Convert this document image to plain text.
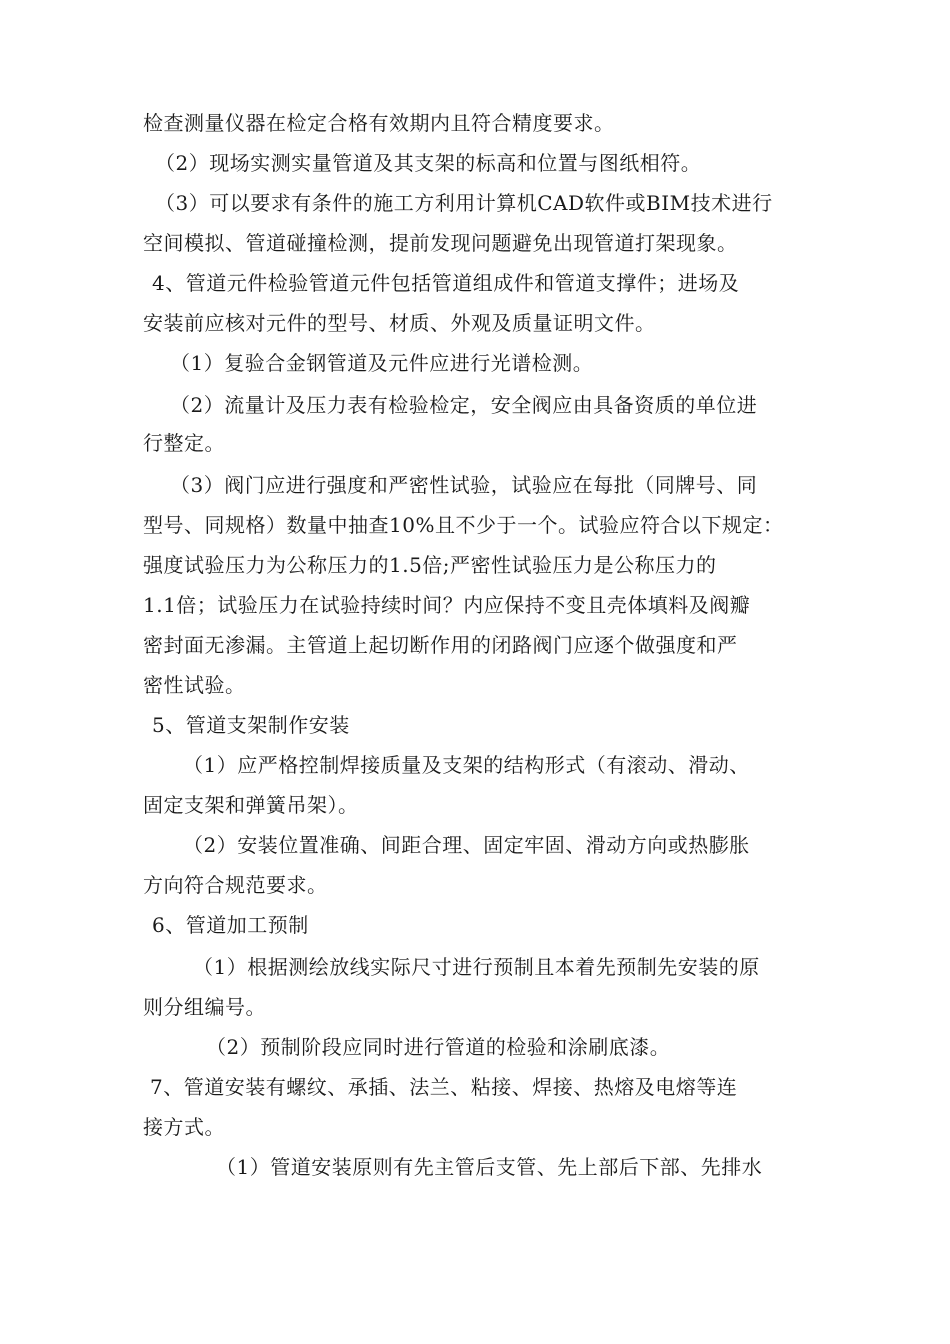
检查测量仪器在检定合格有效期内且符合精度要求。
（2）现场实测实量管道及其支架的标高和位置与图纸相符。
（3）可以要求有条件的施工方利用计算机CAD软件或BIM技术进行
空间模拟、管道碰撞检测，提前发现问题避免出现管道打架现象。
4、管道元件检验管道元件包括管道组成件和管道支撑件；进场及
安装前应核对元件的型号、材质、外观及质量证明文件。
（1）复验合金钢管道及元件应进行光谱检测。
（2）流量计及压力表有检验检定，安全阀应由具备资质的单位进
行整定。
（3）阀门应进行强度和严密性试验，试验应在每批（同牌号、同
型号、同规格）数量中抽查10%且不少于一个。试验应符合以下规定：
强度试验压力为公称压力的1.5倍;严密性试验压力是公称压力的
1.1倍；试验压力在试验持续时间？内应保持不变且壳体填料及阀瓣
密封面无渗漏。主管道上起切断作用的闭路阀门应逐个做强度和严
密性试验。
5、管道支架制作安装
（1）应严格控制焊接质量及支架的结构形式（有滚动、滑动、
固定支架和弹簧吊架）。
（2）安装位置准确、间距合理、固定牢固、滑动方向或热膨胀
方向符合规范要求。
6、管道加工预制
（1）根据测绘放线实际尺寸进行预制且本着先预制先安装的原
则分组编号。
（2）预制阶段应同时进行管道的检验和涂刷底漆。
7、管道安装有螺纹、承插、法兰、粘接、焊接、热熔及电熔等连
接方式。
（1）管道安装原则有先主管后支管、先上部后下部、先排水
